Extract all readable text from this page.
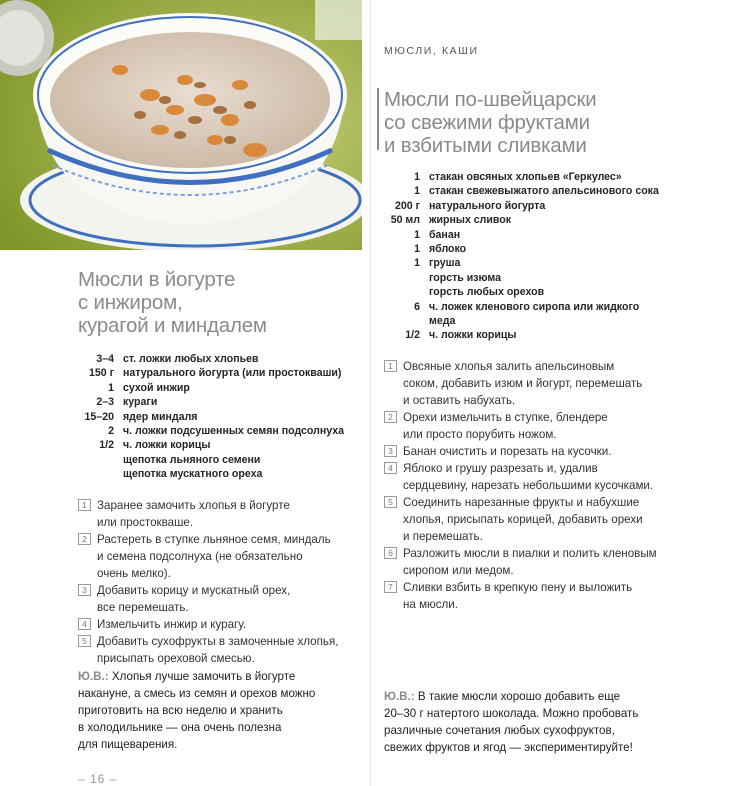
МЮСЛИ, КАШИ
Мюсли в йогурте
с инжиром,
курагой и миндалем
3–4 ст. ложки любых хлопьев
150 г натурального йогурта (или простокваши)
1 сухой инжир
2–3 кураги
15–20 ядер миндаля
2 ч. ложки подсушенных семян подсолнуха
1/2 ч. ложки корицы
щепотка льняного семени
щепотка мускатного ореха
1 Заранее замочить хлопья в йогурте
или простокваше.
2 Растереть в ступке льняное семя, миндаль
и семена подсолнуха (не обязательно
очень мелко).
3 Добавить корицу и мускатный орех,
все перемешать.
4 Измельчить инжир и курагу.
5 Добавить сухофрукты в замоченные хлопья,
присыпать ореховой смесью.
Ю.В.: Хлопья лучше замочить в йогурте
накануне, а смесь из семян и орехов можно
приготовить на всю неделю и хранить
в холодильнике — она очень полезна
для пищеварения.
Мюсли по-швейцарски
со свежими фруктами
и взбитыми сливками
1 стакан овсяных хлопьев «Геркулес»
1 стакан свежевыжатого апельсинового сока
200 г натурального йогурта
50 мл жирных сливок
1 банан
1 яблоко
1 груша
горсть изюма
горсть любых орехов
6 ч. ложек кленового сиропа или жидкого
меда
1/2 ч. ложки корицы
1 Овсяные хлопья залить апельсиновым
соком, добавить изюм и йогурт, перемешать
и оставить набухать.
2 Орехи измельчить в ступке, блендере
или просто порубить ножом.
3 Банан очистить и порезать на кусочки.
4 Яблоко и грушу разрезать и, удалив
сердцевину, нарезать небольшими кусочками.
5 Соединить нарезанные фрукты и набухшие
хлопья, присыпать корицей, добавить орехи
и перемешать.
6 Разложить мюсли в пиалки и полить кленовым
сиропом или медом.
7 Сливки взбить в крепкую пену и выложить
на мюсли.
Ю.В.: В такие мюсли хорошо добавить еще
20–30 г натертого шоколада. Можно пробовать
различные сочетания любых сухофруктов,
свежих фруктов и ягод — экспериментируйте!
– 16 –
